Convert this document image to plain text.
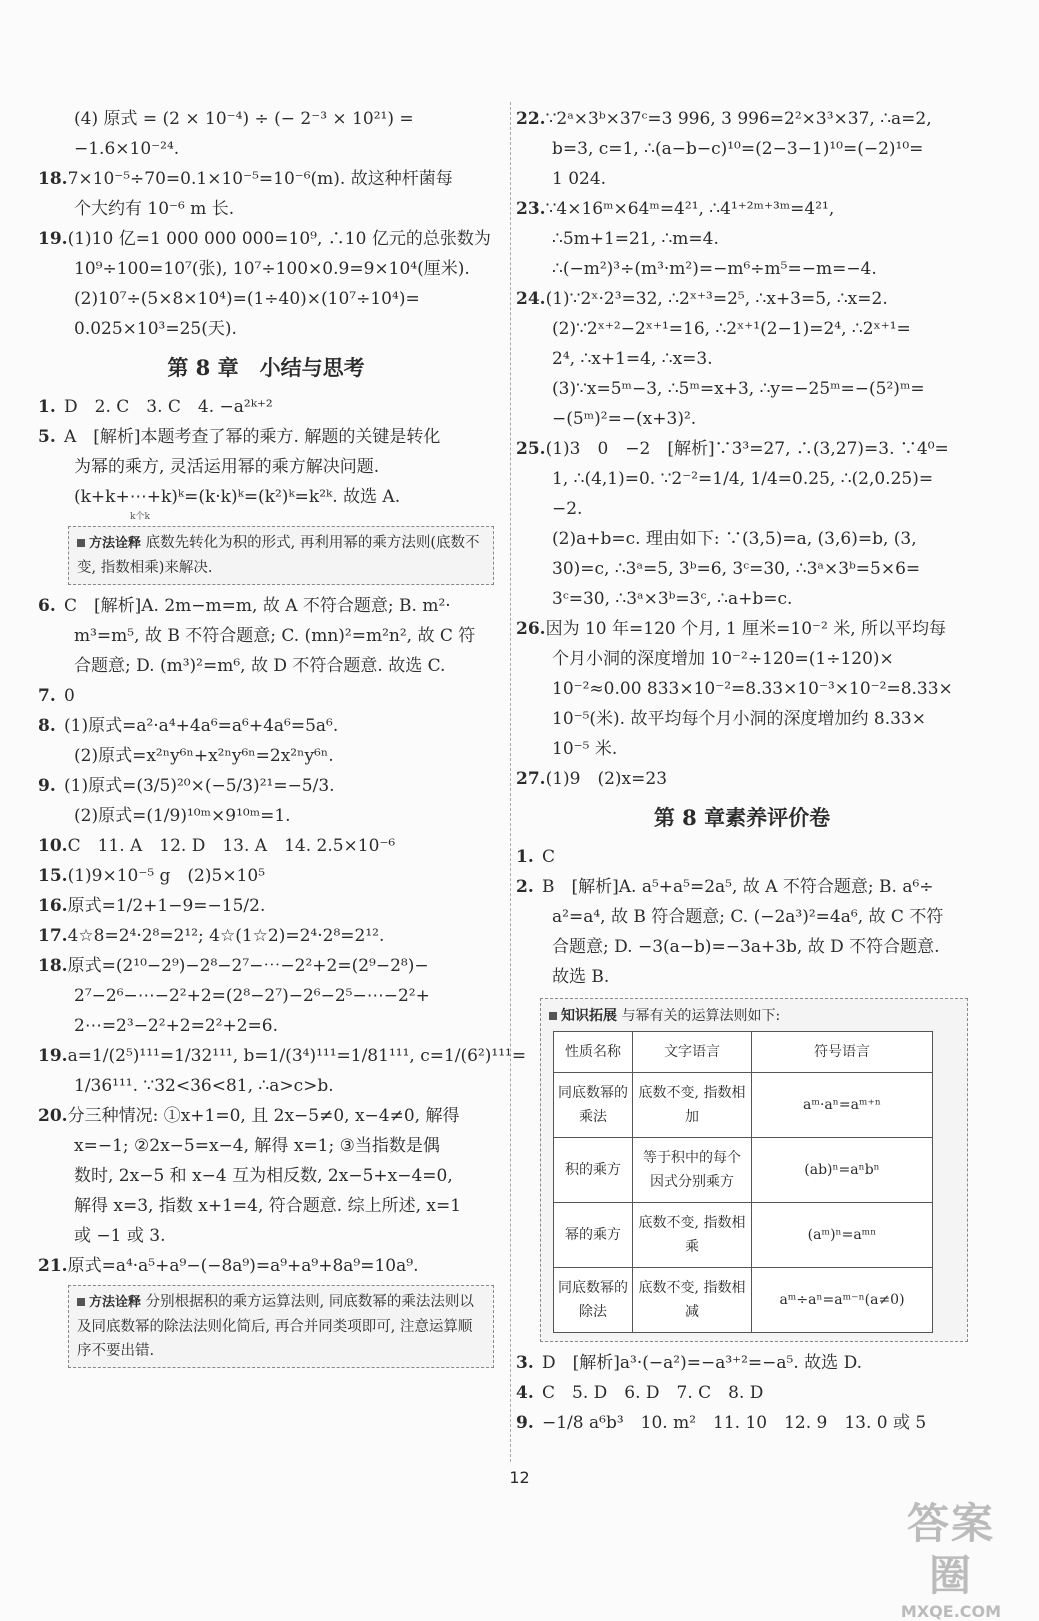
(4) 原式 = (2 × 10⁻⁴) ÷ (− 2⁻³ × 10²¹) =
−1.6×10⁻²⁴.
18.7×10⁻⁵÷70=0.1×10⁻⁵=10⁻⁶(m). 故这种杆菌每
个大约有 10⁻⁶ m 长.
19.(1)10 亿=1 000 000 000=10⁹, ∴10 亿元的总张数为
10⁹÷100=10⁷(张), 10⁷÷100×0.9=9×10⁴(厘米).
(2)10⁷÷(5×8×10⁴)=(1÷40)×(10⁷÷10⁴)=
0.025×10³=25(天).
第 8 章　小结与思考
1. D　2. C　3. C　4. −a²ᵏ⁺²
5. A　[解析]本题考查了幂的乘方. 解题的关键是转化
为幂的乘方, 灵活运用幂的乘方解决问题.
(k+k+⋯+k)ᵏ=(k·k)ᵏ=(k²)ᵏ=k²ᵏ. 故选 A.
k个k
方法诠释 底数先转化为积的形式, 再利用幂的乘方法则(底数不变, 指数相乘)来解决.
6. C　[解析]A. 2m−m=m, 故 A 不符合题意; B. m²·
m³=m⁵, 故 B 不符合题意; C. (mn)²=m²n², 故 C 符
合题意; D. (m³)²=m⁶, 故 D 不符合题意. 故选 C.
7. 0
8. (1)原式=a²·a⁴+4a⁶=a⁶+4a⁶=5a⁶.
(2)原式=x²ⁿy⁶ⁿ+x²ⁿy⁶ⁿ=2x²ⁿy⁶ⁿ.
9. (1)原式=(3/5)²⁰×(−5/3)²¹=−5/3.
(2)原式=(1/9)¹⁰ᵐ×9¹⁰ᵐ=1.
10.C　11. A　12. D　13. A　14. 2.5×10⁻⁶
15.(1)9×10⁻⁵ g　(2)5×10⁵
16.原式=1/2+1−9=−15/2.
17.4☆8=2⁴·2⁸=2¹²; 4☆(1☆2)=2⁴·2⁸=2¹².
18.原式=(2¹⁰−2⁹)−2⁸−2⁷−⋯−2²+2=(2⁹−2⁸)−
2⁷−2⁶−⋯−2²+2=(2⁸−2⁷)−2⁶−2⁵−⋯−2²+
2⋯=2³−2²+2=2²+2=6.
19.a=1/(2⁵)¹¹¹=1/32¹¹¹, b=1/(3⁴)¹¹¹=1/81¹¹¹, c=1/(6²)¹¹¹=
1/36¹¹¹. ∵32<36<81, ∴a>c>b.
20.分三种情况: ①x+1=0, 且 2x−5≠0, x−4≠0, 解得
x=−1; ②2x−5=x−4, 解得 x=1; ③当指数是偶
数时, 2x−5 和 x−4 互为相反数, 2x−5+x−4=0,
解得 x=3, 指数 x+1=4, 符合题意. 综上所述, x=1
或 −1 或 3.
21.原式=a⁴·a⁵+a⁹−(−8a⁹)=a⁹+a⁹+8a⁹=10a⁹.
方法诠释 分别根据积的乘方运算法则, 同底数幂的乘法法则以及同底数幂的除法法则化简后, 再合并同类项即可, 注意运算顺序不要出错.
22.∵2ᵃ×3ᵇ×37ᶜ=3 996, 3 996=2²×3³×37, ∴a=2,
b=3, c=1, ∴(a−b−c)¹⁰=(2−3−1)¹⁰=(−2)¹⁰=
1 024.
23.∵4×16ᵐ×64ᵐ=4²¹, ∴4¹⁺²ᵐ⁺³ᵐ=4²¹,
∴5m+1=21, ∴m=4.
∴(−m²)³÷(m³·m²)=−m⁶÷m⁵=−m=−4.
24.(1)∵2ˣ·2³=32, ∴2ˣ⁺³=2⁵, ∴x+3=5, ∴x=2.
(2)∵2ˣ⁺²−2ˣ⁺¹=16, ∴2ˣ⁺¹(2−1)=2⁴, ∴2ˣ⁺¹=
2⁴, ∴x+1=4, ∴x=3.
(3)∵x=5ᵐ−3, ∴5ᵐ=x+3, ∴y=−25ᵐ=−(5²)ᵐ=
−(5ᵐ)²=−(x+3)².
25.(1)3　0　−2　[解析]∵3³=27, ∴(3,27)=3. ∵4⁰=
1, ∴(4,1)=0. ∵2⁻²=1/4, 1/4=0.25, ∴(2,0.25)=
−2.
(2)a+b=c. 理由如下: ∵(3,5)=a, (3,6)=b, (3,
30)=c, ∴3ᵃ=5, 3ᵇ=6, 3ᶜ=30, ∴3ᵃ×3ᵇ=5×6=
3ᶜ=30, ∴3ᵃ×3ᵇ=3ᶜ, ∴a+b=c.
26.因为 10 年=120 个月, 1 厘米=10⁻² 米, 所以平均每
个月小洞的深度增加 10⁻²÷120=(1÷120)×
10⁻²≈0.00 833×10⁻²=8.33×10⁻³×10⁻²=8.33×
10⁻⁵(米). 故平均每个月小洞的深度增加约 8.33×
10⁻⁵ 米.
27.(1)9　(2)x=23
第 8 章素养评价卷
1. C
2. B　[解析]A. a⁵+a⁵=2a⁵, 故 A 不符合题意; B. a⁶÷
a²=a⁴, 故 B 符合题意; C. (−2a³)²=4a⁶, 故 C 不符
合题意; D. −3(a−b)=−3a+3b, 故 D 不符合题意.
故选 B.
知识拓展 与幂有关的运算法则如下:
性质名称	文字语言	符号语言
同底数幂的乘法	底数不变, 指数相加	aᵐ·aⁿ=aᵐ⁺ⁿ
积的乘方	等于积中的每个因式分别乘方	(ab)ⁿ=aⁿbⁿ
幂的乘方	底数不变, 指数相乘	(aᵐ)ⁿ=aᵐⁿ
同底数幂的除法	底数不变, 指数相减	aᵐ÷aⁿ=aᵐ⁻ⁿ(a≠0)
3. D　[解析]a³·(−a²)=−a³⁺²=−a⁵. 故选 D.
4. C　5. D　6. D　7. C　8. D
9. −1/8 a⁶b³　10. m²　11. 10　12. 9　13. 0 或 5
12
答案圈
MXQE.COM
